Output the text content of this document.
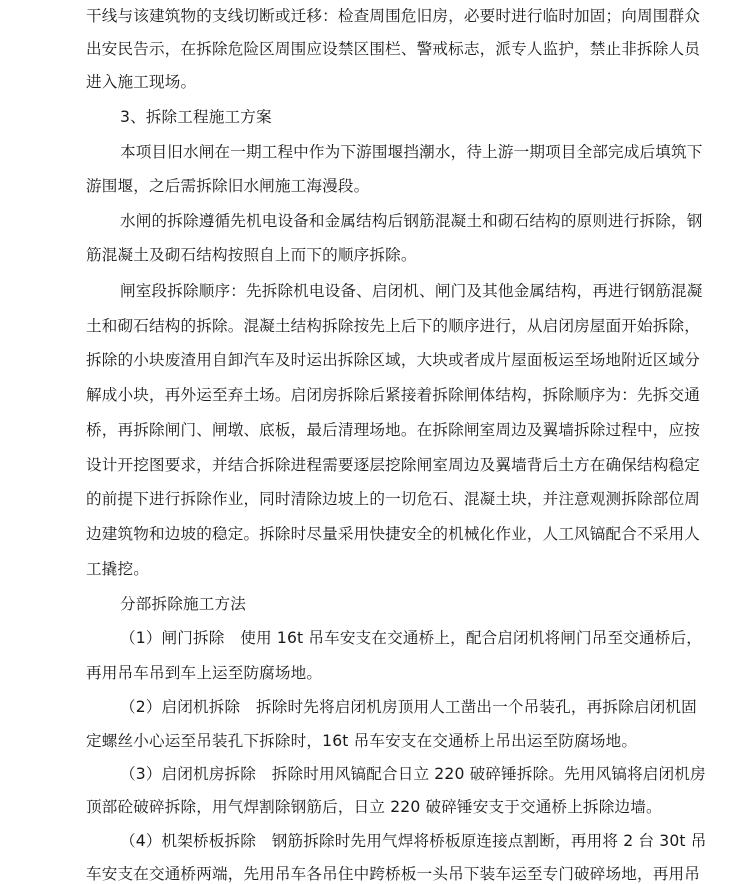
干线与该建筑物的支线切断或迁移：检查周围危旧房，必要时进行临时加固；向周围群众
出安民告示，在拆除危险区周围应设禁区围栏、警戒标志，派专人监护，禁止非拆除人员
进入施工现场。
3、拆除工程施工方案
本项目旧水闸在一期工程中作为下游围堰挡潮水，待上游一期项目全部完成后填筑下
游围堰，之后需拆除旧水闸施工海漫段。
水闸的拆除遵循先机电设备和金属结构后钢筋混凝土和砌石结构的原则进行拆除，钢
筋混凝土及砌石结构按照自上而下的顺序拆除。
闸室段拆除顺序：先拆除机电设备、启闭机、闸门及其他金属结构，再进行钢筋混凝
土和砌石结构的拆除。混凝土结构拆除按先上后下的顺序进行，从启闭房屋面开始拆除，
拆除的小块废渣用自卸汽车及时运出拆除区域，大块或者成片屋面板运至场地附近区域分
解成小块，再外运至弃土场。启闭房拆除后紧接着拆除闸体结构，拆除顺序为：先拆交通
桥，再拆除闸门、闸墩、底板，最后清理场地。在拆除闸室周边及翼墙拆除过程中，应按
设计开挖图要求，并结合拆除进程需要逐层挖除闸室周边及翼墙背后土方在确保结构稳定
的前提下进行拆除作业，同时清除边坡上的一切危石、混凝土块，并注意观测拆除部位周
边建筑物和边坡的稳定。拆除时尽量采用快捷安全的机械化作业，人工风镐配合不采用人
工撬挖。
分部拆除施工方法
（1）闸门拆除　使用 16t 吊车安支在交通桥上，配合启闭机将闸门吊至交通桥后，
再用吊车吊到车上运至防腐场地。
（2）启闭机拆除　拆除时先将启闭机房顶用人工凿出一个吊装孔，再拆除启闭机固
定螺丝小心运至吊装孔下拆除时，16t 吊车安支在交通桥上吊出运至防腐场地。
（3）启闭机房拆除　拆除时用风镐配合日立 220 破碎锤拆除。先用风镐将启闭机房
顶部砼破碎拆除，用气焊割除钢筋后，日立 220 破碎锤安支于交通桥上拆除边墙。
（4）机架桥板拆除　钢筋拆除时先用气焊将桥板原连接点割断，再用将 2 台 30t 吊
车安支在交通桥两端，先用吊车各吊住中跨桥板一头吊下装车运至专门破碎场地，再用吊
